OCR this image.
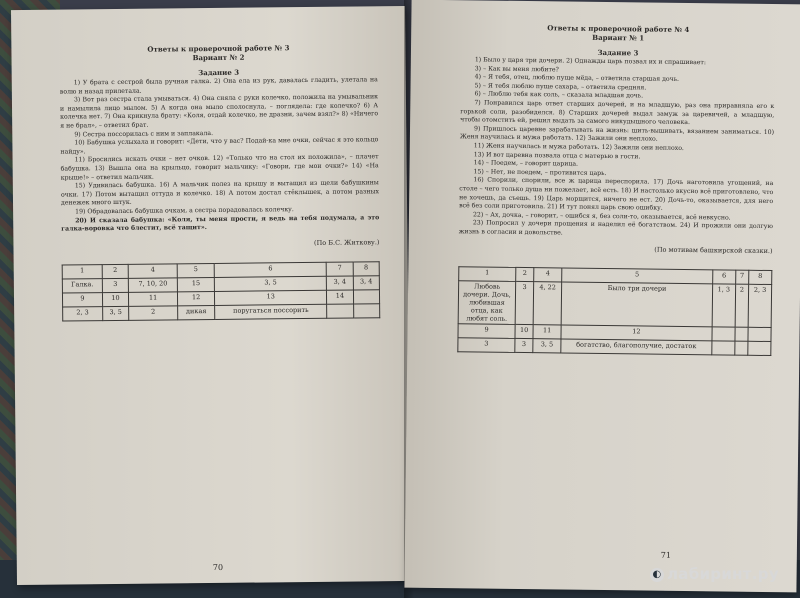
Ответы к проверочной работе № 3
Вариант № 2
Задание 3

1) У брата с сестрой была ручная галка. 2) Она ела из рук, давалась гладить, улетала на волю и назад прилетала.

3) Вот раз сестра стала умываться. 4) Она сняла с руки колечко, положила на умывальник и намылила лицо мылом. 5) А когда она мыло сполоснула, – поглядела: где колечко? 6) А колечка нет. 7) Она крикнула брату: «Коля, отдай колечко, не дразни, зачем взял?» 8) «Ничего я не брал», – ответил брат.

9) Сестра поссорилась с ним и заплакала.

10) Бабушка услыхала и говорит: «Дети, что у вас? Подай-ка мне очки, сейчас я это кольцо найду».

11) Бросились искать очки – нет очков. 12) «Только что на стол их положила», – плачет бабушка. 13) Вышла она на крыльцо, говорит мальчику: «Говори, где мои очки?» 14) «На крыше!» – ответил мальчик.

15) Удивилась бабушка. 16) А мальчик полез на крышу и вытащил из щели бабушкины очки. 17) Потом вытащил оттуда и колечко. 18) А потом достал стёклышек, а потом разных денежек много штук.

19) Обрадовалась бабушка очкам, а сестра порадовалась колечку.

20) И сказала бабушка: «Коля, ты меня прости, я ведь на тебя подумала, а это галка-воровка что блестит, всё тащит».

(По Б.С. Житкову.)
1	2	4	5	6	7	8
Галка.	3	7, 10, 20	15	3, 5	3, 4	3, 4
9	10	11	12	13	14	
2, 3	3, 5	2	дикая	поругаться поссорить		
70
Ответы к проверочной работе № 4
Вариант № 1
Задание 3

1) Было у царя три дочери. 2) Однажды царь позвал их и спрашивает:

3) – Как вы меня любите?

4) – Я тебя, отец, люблю пуще мёда, – ответила старшая дочь.

5) – Я тебя люблю пуще сахара, – ответила средняя.

6) – Люблю тебя как соль, – сказала младшая дочь.

7) Понравился царь ответ старших дочерей, и на младшую, раз она приравняла его к горькой соли, разобиделся. 8) Старших дочерей выдал замуж за царевичей, а младшую, чтобы отомстить ей, решил выдать за самого никудышного человека.

9) Пришлось царевне зарабатывать на жизнь: шить-вышивать, вязанием заниматься. 10) Женя научилась и мужа работать. 12) Зажили они неплохо.

11) Женя научилась и мужа работать. 12) Зажили они неплохо.

13) И вот царевна позвала отца с матерью в гости.

14) – Поедем, – говорит царица.

15) – Нет, не поедем, – противится царь.

16) Спорили, спорили, все ж царица переспорила. 17) Дочь наготовила угощений, на столе – чего только душа ни пожелает, всё есть. 18) И настолько вкусно всё приготовлено, что не хочешь, да съешь. 19) Царь морщится, ничего не ест. 20) Дочь-то, оказывается, для него всё без соли приготовила. 21) И тут понял царь свою ошибку.

22) – Ах, дочка, – говорит, – ошибся я, без соли-то, оказывается, всё невкусно.

23) Попросил у дочери прощения и наделил её богатством. 24) И прожили они долгую жизнь в согласии и довольстве.

(По мотивам башкирской сказки.)
1	2	4	5	6	7	8
Любовь дочери. Дочь, любившая отца, как любят соль.	3	4, 22	Было три дочери	1, 3	2	2, 3
9	10	11	12			
3	3	3, 5	богатство, благополучие, достаток			
71
◐ лабиринт.ру
